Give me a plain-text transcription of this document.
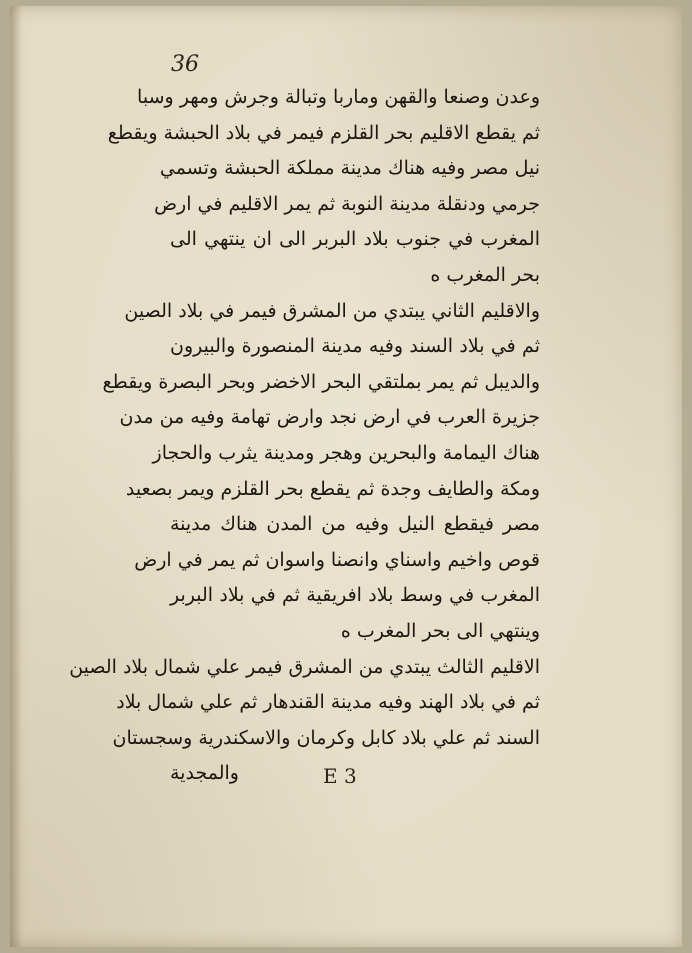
36
وعدن وصنعا والقهن وماربا وتبالة وجرش ومهر وسبا
ثم يقطع الاقليم بحر القلزم فيمر في بلاد الحبشة ويقطع
نيل مصر وفيه هناك مدينة مملكة الحبشة وتسمي
جرمي ودنقلة مدينة النوبة ثم يمر الاقليم في ارض
المغرب في جنوب بلاد البربر الى ان ينتهي الى
بحر المغرب ه
والاقليم الثاني يبتدي من المشرق فيمر في بلاد الصين
ثم في بلاد السند وفيه مدينة المنصورة والبيرون
والديبل ثم يمر بملتقي البحر الاخضر وبحر البصرة ويقطع
جزيرة العرب في ارض نجد وارض تهامة وفيه من مدن
هناك اليمامة والبحرين وهجر ومدينة يثرب والحجاز
ومكة والطايف وجدة ثم يقطع بحر القلزم ويمر بصعيد
مصر فيقطع النيل وفيه من المدن هناك مدينة
قوص واخيم واسناي وانصنا واسوان ثم يمر في ارض
المغرب في وسط بلاد افريقية ثم في بلاد البربر
وينتهي الى بحر المغرب ه
الاقليم الثالث يبتدي من المشرق فيمر علي شمال بلاد الصين
ثم في بلاد الهند وفيه مدينة القندهار ثم علي شمال بلاد
السند ثم علي بلاد كابل وكرمان والاسكندرية وسجستان
والمجدية	E 3
